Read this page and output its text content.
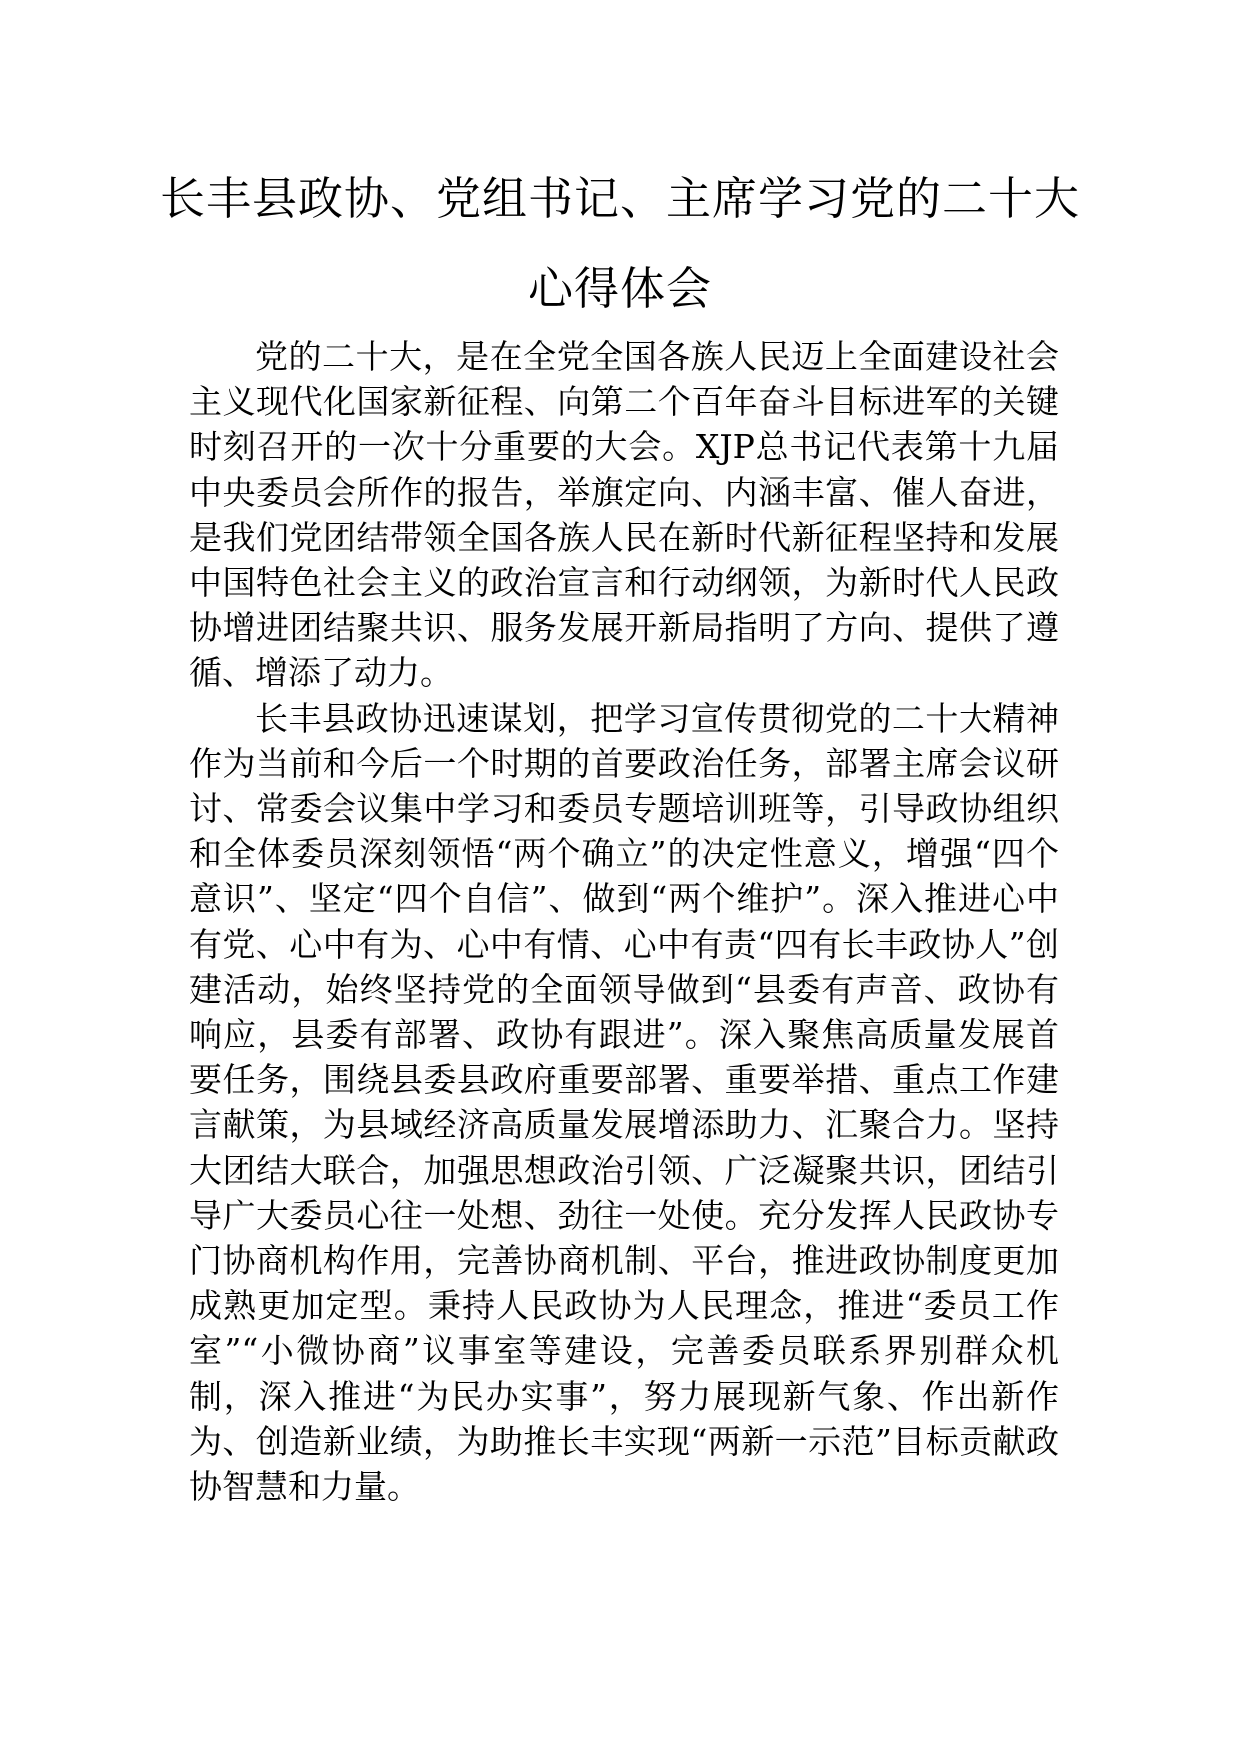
长丰县政协、党组书记、主席学习党的二十大心得体会

党的二十大，是在全党全国各族人民迈上全面建设社会主义现代化国家新征程、向第二个百年奋斗目标进军的关键时刻召开的一次十分重要的大会。XJP总书记代表第十九届中央委员会所作的报告，举旗定向、内涵丰富、催人奋进，是我们党团结带领全国各族人民在新时代新征程坚持和发展中国特色社会主义的政治宣言和行动纲领，为新时代人民政协增进团结聚共识、服务发展开新局指明了方向、提供了遵循、增添了动力。

长丰县政协迅速谋划，把学习宣传贯彻党的二十大精神作为当前和今后一个时期的首要政治任务，部署主席会议研讨、常委会议集中学习和委员专题培训班等，引导政协组织和全体委员深刻领悟“两个确立”的决定性意义，增强“四个意识”、坚定“四个自信”、做到“两个维护”。深入推进心中有党、心中有为、心中有情、心中有责“四有长丰政协人”创建活动，始终坚持党的全面领导做到“县委有声音、政协有响应，县委有部署、政协有跟进”。深入聚焦高质量发展首要任务，围绕县委县政府重要部署、重要举措、重点工作建言献策，为县域经济高质量发展增添助力、汇聚合力。坚持大团结大联合，加强思想政治引领、广泛凝聚共识，团结引导广大委员心往一处想、劲往一处使。充分发挥人民政协专门协商机构作用，完善协商机制、平台，推进政协制度更加成熟更加定型。秉持人民政协为人民理念，推进“委员工作室”“小微协商”议事室等建设，完善委员联系界别群众机制，深入推进“为民办实事”，努力展现新气象、作出新作为、创造新业绩，为助推长丰实现“两新一示范”目标贡献政协智慧和力量。
